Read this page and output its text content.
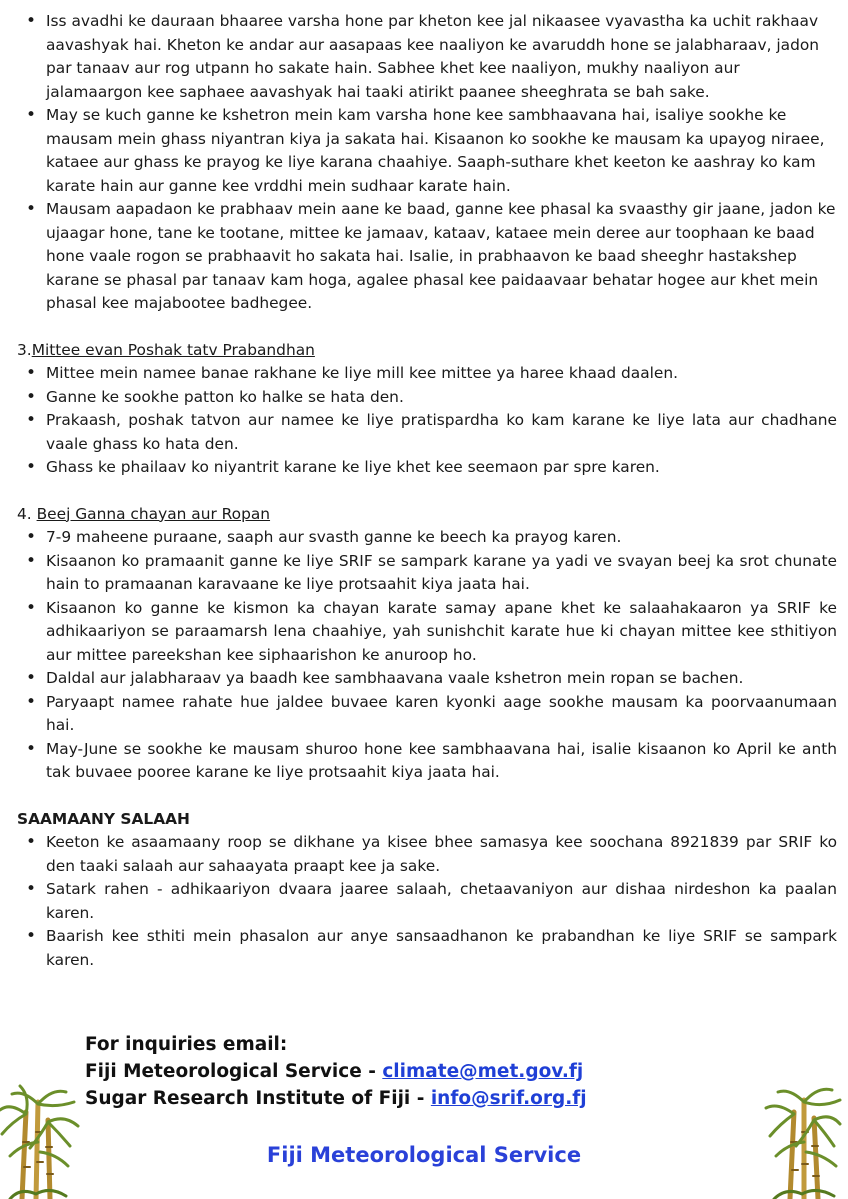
• Iss avadhi ke dauraan bhaaree varsha hone par kheton kee jal nikaasee vyavastha ka uchit rakhaav aavashyak hai. Kheton ke andar aur aasapaas kee naaliyon ke avaruddh hone se jalabharaav, jadon par tanaav aur rog utpann ho sakate hain. Sabhee khet kee naaliyon, mukhy naaliyon aur jalamaargon kee saphaee aavashyak hai taaki atirikt paanee sheeghrata se bah sake.
• May se kuch ganne ke kshetron mein kam varsha hone kee sambhaavana hai, isaliye sookhe ke mausam mein ghass niyantran kiya ja sakata hai. Kisaanon ko sookhe ke mausam ka upayog niraee, kataee aur ghass ke prayog ke liye karana chaahiye. Saaph-suthare khet keeton ke aashray ko kam karate hain aur ganne kee vrddhi mein sudhaar karate hain.
• Mausam aapadaon ke prabhaav mein aane ke baad, ganne kee phasal ka svaasthy gir jaane, jadon ke ujaagar hone, tane ke tootane, mittee ke jamaav, kataav, kataee mein deree aur toophaan ke baad hone vaale rogon se prabhaavit ho sakata hai. Isalie, in prabhaavon ke baad sheeghr hastakshep karane se phasal par tanaav kam hoga, agalee phasal kee paidaavaar behatar hogee aur khet mein phasal kee majabootee badhegee.
3.Mittee evan Poshak tatv Prabandhan
• Mittee mein namee banae rakhane ke liye mill kee mittee ya haree khaad daalen.
• Ganne ke sookhe patton ko halke se hata den.
• Prakaash, poshak tatvon aur namee ke liye pratispardha ko kam karane ke liye lata aur chadhane vaale ghass ko hata den.
• Ghass ke phailaav ko niyantrit karane ke liye khet kee seemaon par spre karen.
4. Beej Ganna chayan aur Ropan
• 7-9 maheene puraane, saaph aur svasth ganne ke beech ka prayog karen.
• Kisaanon ko pramaanit ganne ke liye SRIF se sampark karane ya yadi ve svayan beej ka srot chunate hain to pramaanan karavaane ke liye protsaahit kiya jaata hai.
• Kisaanon ko ganne ke kismon ka chayan karate samay apane khet ke salaahakaaron ya SRIF ke adhikaariyon se paraamarsh lena chaahiye, yah sunishchit karate hue ki chayan mittee kee sthitiyon aur mittee pareekshan kee siphaarishon ke anuroop ho.
• Daldal aur jalabharaav ya baadh kee sambhaavana vaale kshetron mein ropan se bachen.
• Paryaapt namee rahate hue jaldee buvaee karen kyonki aage sookhe mausam ka poorvaanumaan hai.
• May-June se sookhe ke mausam shuroo hone kee sambhaavana hai, isalie kisaanon ko April ke anth tak buvaee pooree karane ke liye protsaahit kiya jaata hai.
SAAMAANY SALAAH
• Keeton ke asaamaany roop se dikhane ya kisee bhee samasya kee soochana 8921839 par SRIF ko den taaki salaah aur sahaayata praapt kee ja sake.
• Satark rahen - adhikaariyon dvaara jaaree salaah, chetaavaniyon aur dishaa nirdeshon ka paalan karen.
• Baarish kee sthiti mein phasalon aur anye sansaadhanon ke prabandhan ke liye SRIF se sampark karen.
For inquiries email:
Fiji Meteorological Service - climate@met.gov.fj
Sugar Research Institute of Fiji - info@srif.org.fj
Fiji Meteorological Service
